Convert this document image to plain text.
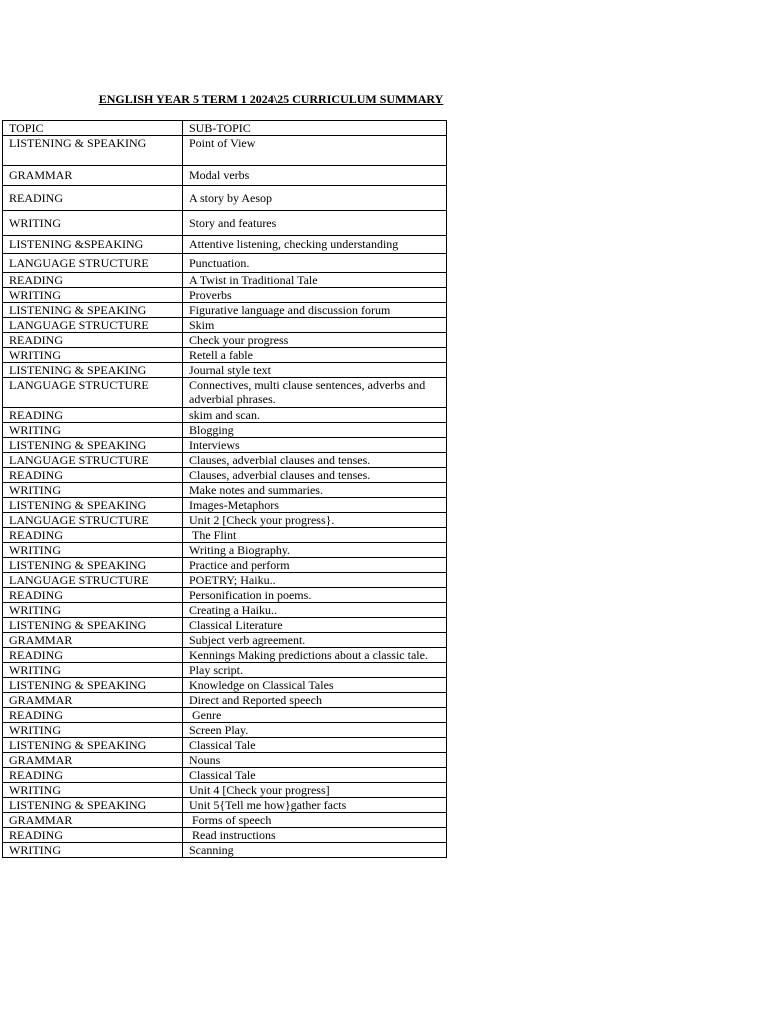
ENGLISH YEAR 5 TERM 1 2024\25 CURRICULUM SUMMARY
TOPIC	SUB-TOPIC
LISTENING & SPEAKING	Point of View
GRAMMAR	Modal verbs
READING	A story by Aesop
WRITING	Story and features
LISTENING &SPEAKING	Attentive listening, checking understanding
LANGUAGE STRUCTURE	Punctuation.
READING	A Twist in Traditional Tale
WRITING	Proverbs
LISTENING & SPEAKING	Figurative language and discussion forum
LANGUAGE STRUCTURE	Skim
READING	Check your progress
WRITING	Retell a fable
LISTENING & SPEAKING	Journal style text
LANGUAGE STRUCTURE	Connectives, multi clause sentences, adverbs and adverbial phrases.
READING	skim and scan.
WRITING	Blogging
LISTENING & SPEAKING	Interviews
LANGUAGE STRUCTURE	Clauses, adverbial clauses and tenses.
READING	Clauses, adverbial clauses and tenses.
WRITING	Make notes and summaries.
LISTENING & SPEAKING	Images-Metaphors
LANGUAGE STRUCTURE	Unit 2 [Check your progress}.
READING	The Flint
WRITING	Writing a Biography.
LISTENING & SPEAKING	Practice and perform
LANGUAGE STRUCTURE	POETRY; Haiku..
READING	Personification in poems.
WRITING	Creating a Haiku..
LISTENING & SPEAKING	Classical Literature
GRAMMAR	Subject verb agreement.
READING	Kennings Making predictions about a classic tale.
WRITING	Play script.
LISTENING & SPEAKING	Knowledge on Classical Tales
GRAMMAR	Direct and Reported speech
READING	Genre
WRITING	Screen Play.
LISTENING & SPEAKING	Classical Tale
GRAMMAR	Nouns
READING	Classical Tale
WRITING	Unit 4 [Check your progress]
LISTENING & SPEAKING	Unit 5{Tell me how}gather facts
GRAMMAR	Forms of speech
READING	Read instructions
WRITING	Scanning
